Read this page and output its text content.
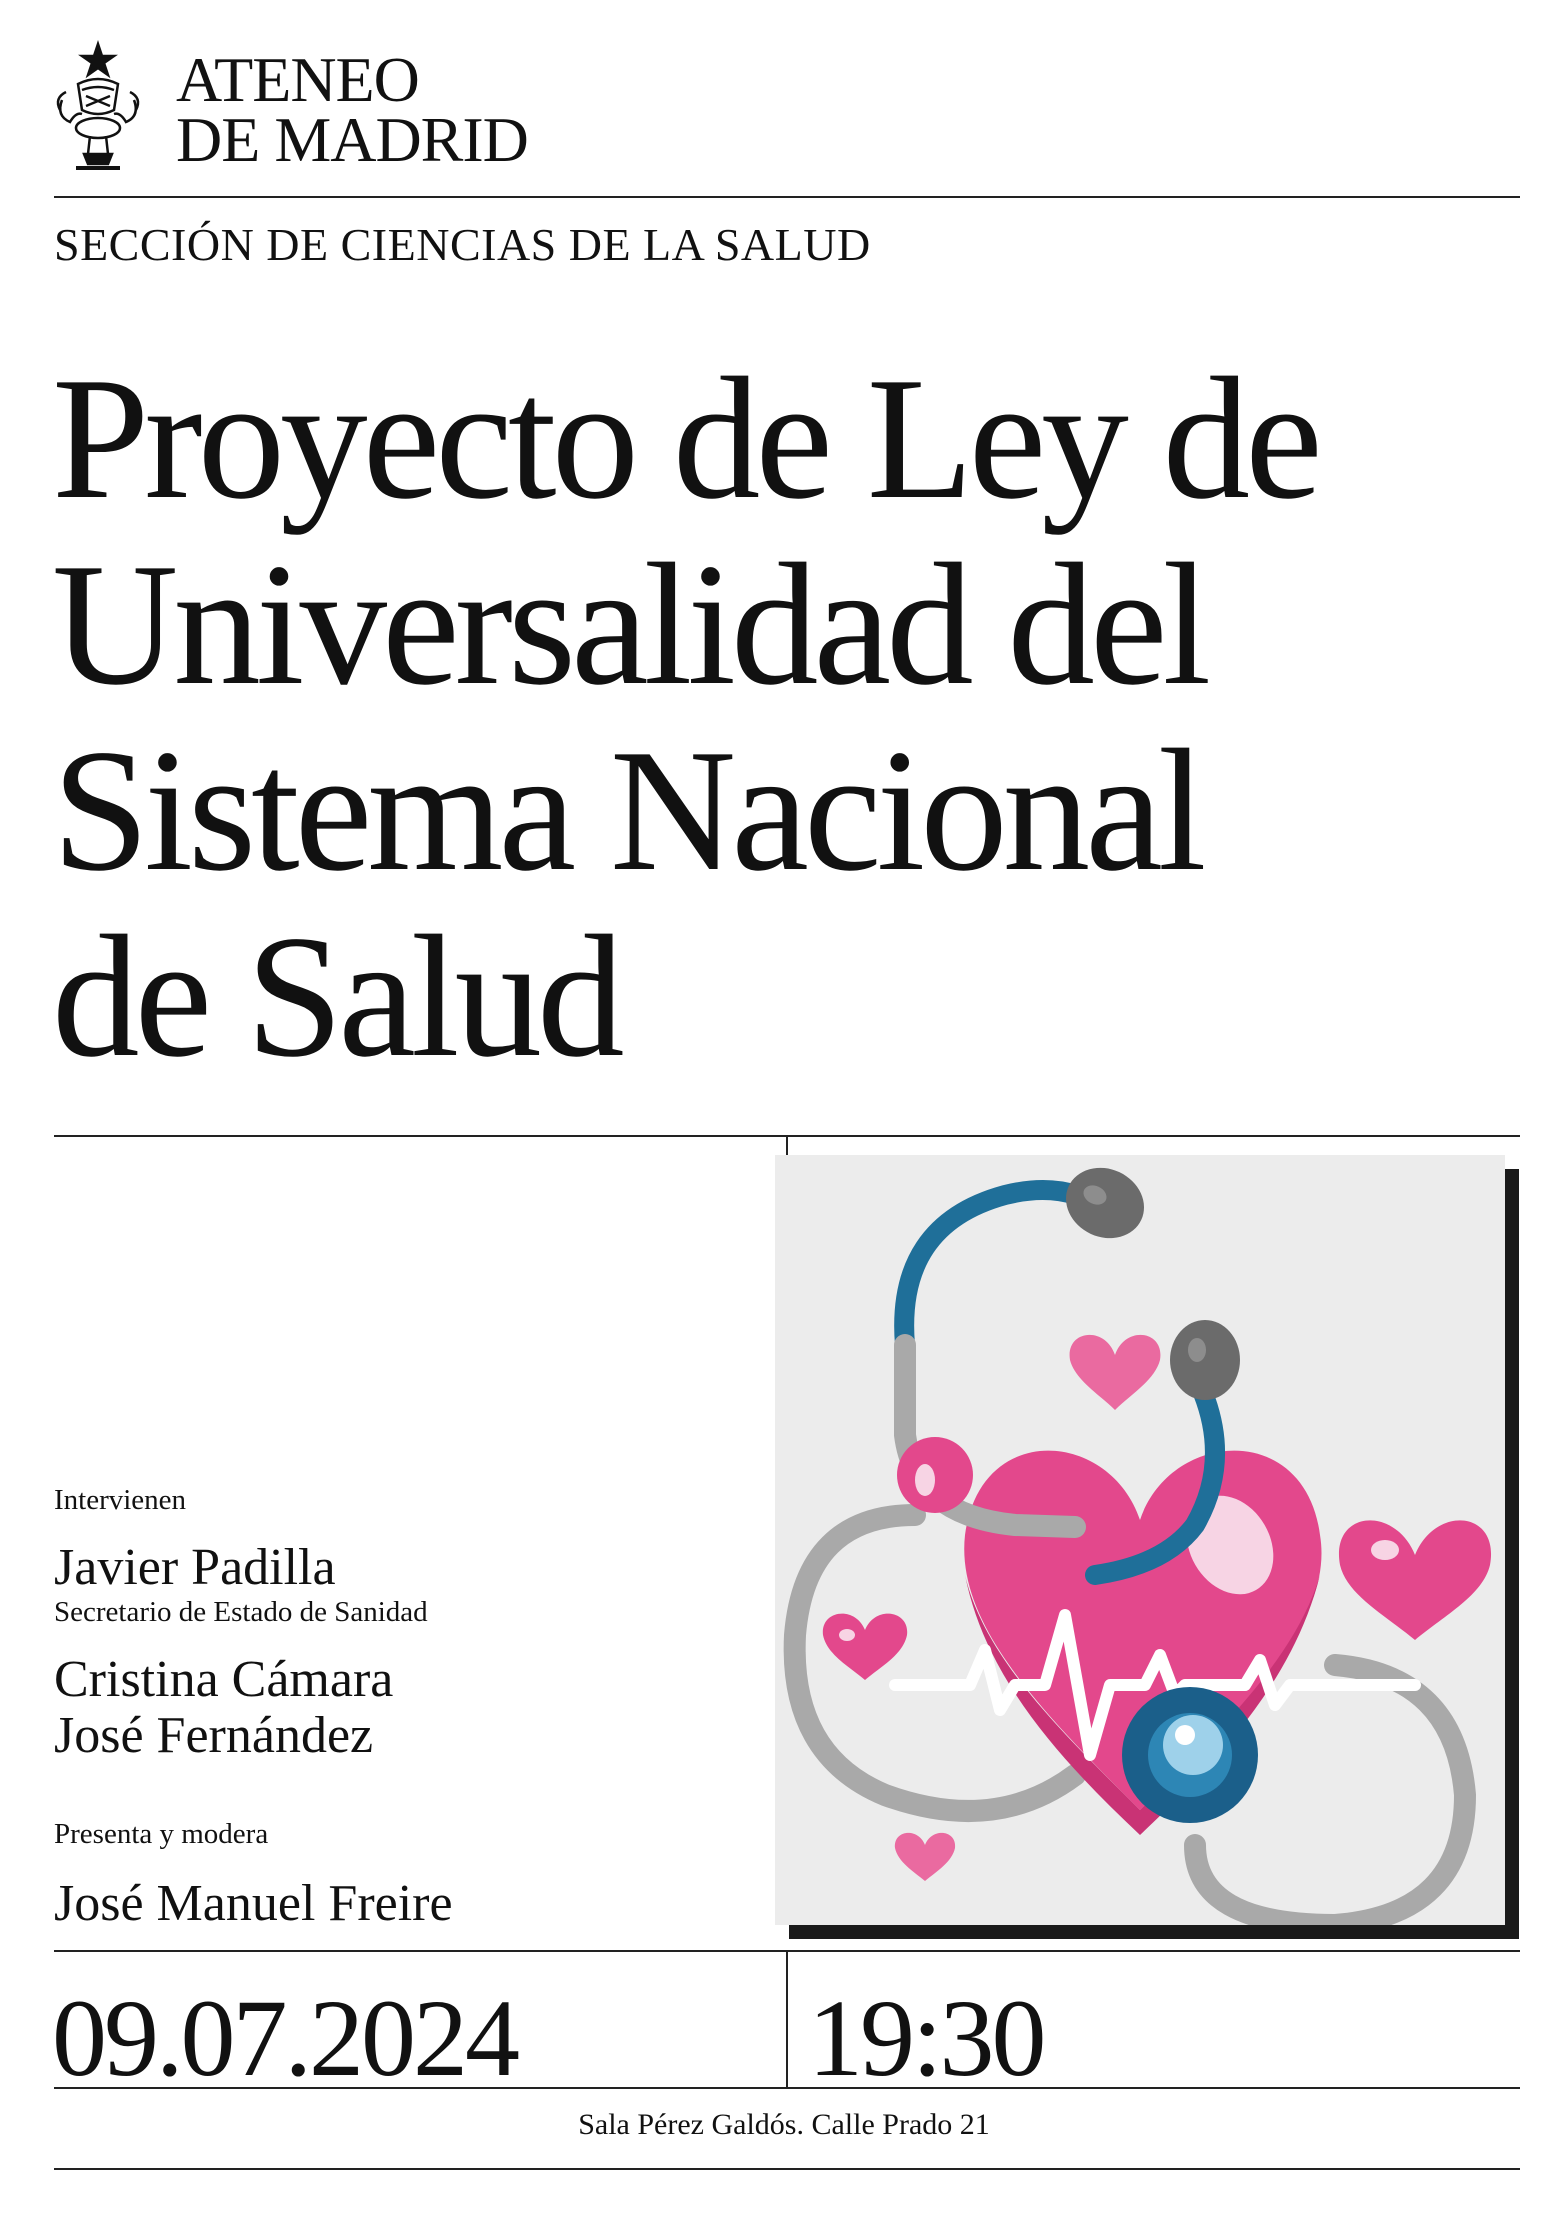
ATENEO
DE MADRID
SECCIÓN DE CIENCIAS DE LA SALUD
Proyecto de Ley de
Universalidad del
Sistema Nacional
de Salud
Intervienen
Javier Padilla
Secretario de Estado de Sanidad
Cristina Cámara
José Fernández
Presenta y modera
José Manuel Freire
09.07.2024	19:30
Sala Pérez Galdós. Calle Prado 21
